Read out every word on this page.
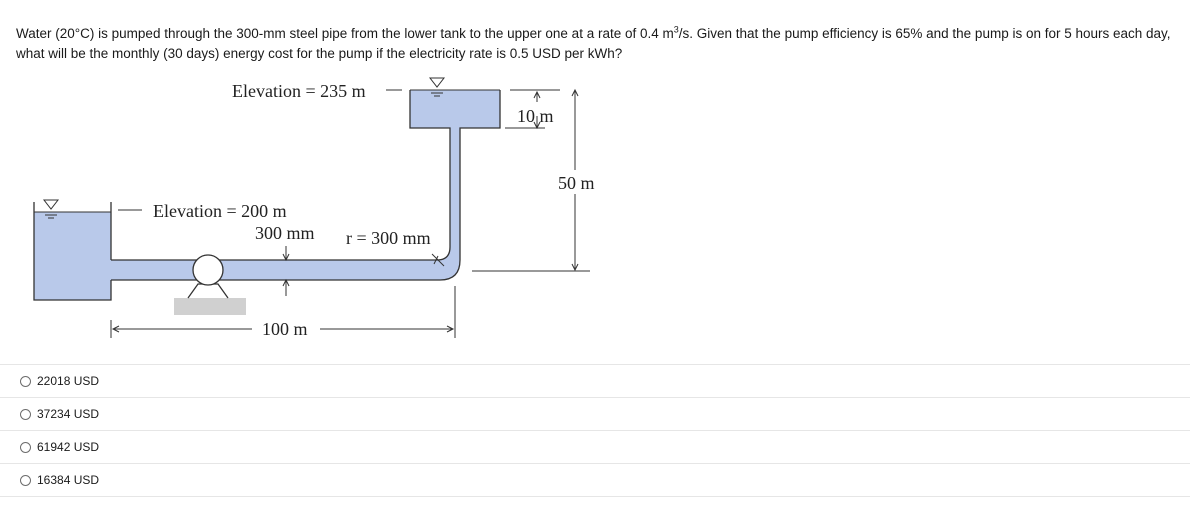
Water (20°C) is pumped through the 300-mm steel pipe from the lower tank to the upper one at a rate of 0.4 $m^3/s$. Given that the pump efficiency is 65% and the pump is on for 5 hours each day, what will be the monthly (30 days) energy cost for the pump if the electricity rate is 0.5 USD per kWh?

Elevation = 235 m
Elevation = 200 m
300 mm r = 300 mm
10 m
50 m
100 m
22018 USD
37234 USD
61942 USD
16384 USD
